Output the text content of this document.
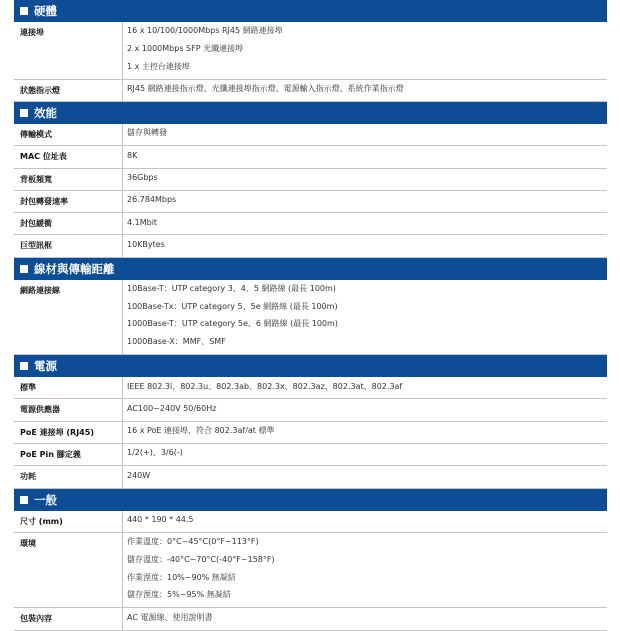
硬體
連接埠	16 x 10/100/1000Mbps RJ45 網路連接埠
2 x 1000Mbps SFP 光纖連接埠
1 x 主控台連接埠
狀態指示燈	RJ45 網路連接指示燈、光纖連接埠指示燈、電源輸入指示燈、系統作業指示燈
效能
傳輸模式	儲存與轉發
MAC 位址表	8K
背板頻寬	36Gbps
封包轉發速率	26.784Mbps
封包緩衝	4.1Mbit
巨型訊框	10KBytes
線材與傳輸距離
網路連接線	10Base-T：UTP category 3、4、5 網路線 (最長 100m)
100Base-Tx：UTP category 5、5e 網路線 (最長 100m)
1000Base-T：UTP category 5e、6 網路線 (最長 100m)
1000Base-X：MMF、SMF
電源
標準	IEEE 802.3i、802.3u、802.3ab、802.3x、802.3az、802.3at、802.3af
電源供應器	AC100~240V 50/60Hz
PoE 連接埠 (RJ45)	16 x PoE 連接埠，符合 802.3af/at 標準
PoE Pin 腳定義	1/2(+)、3/6(-)
功耗	240W
一般
尺寸 (mm)	440 * 190 * 44.5
環境	作業溫度：0°C~45°C(0°F~113°F)
儲存溫度：-40°C~70°C(-40°F~158°F)
作業溼度：10%~90% 無凝結
儲存溼度：5%~95% 無凝結
包裝內容	AC 電源線、使用說明書
